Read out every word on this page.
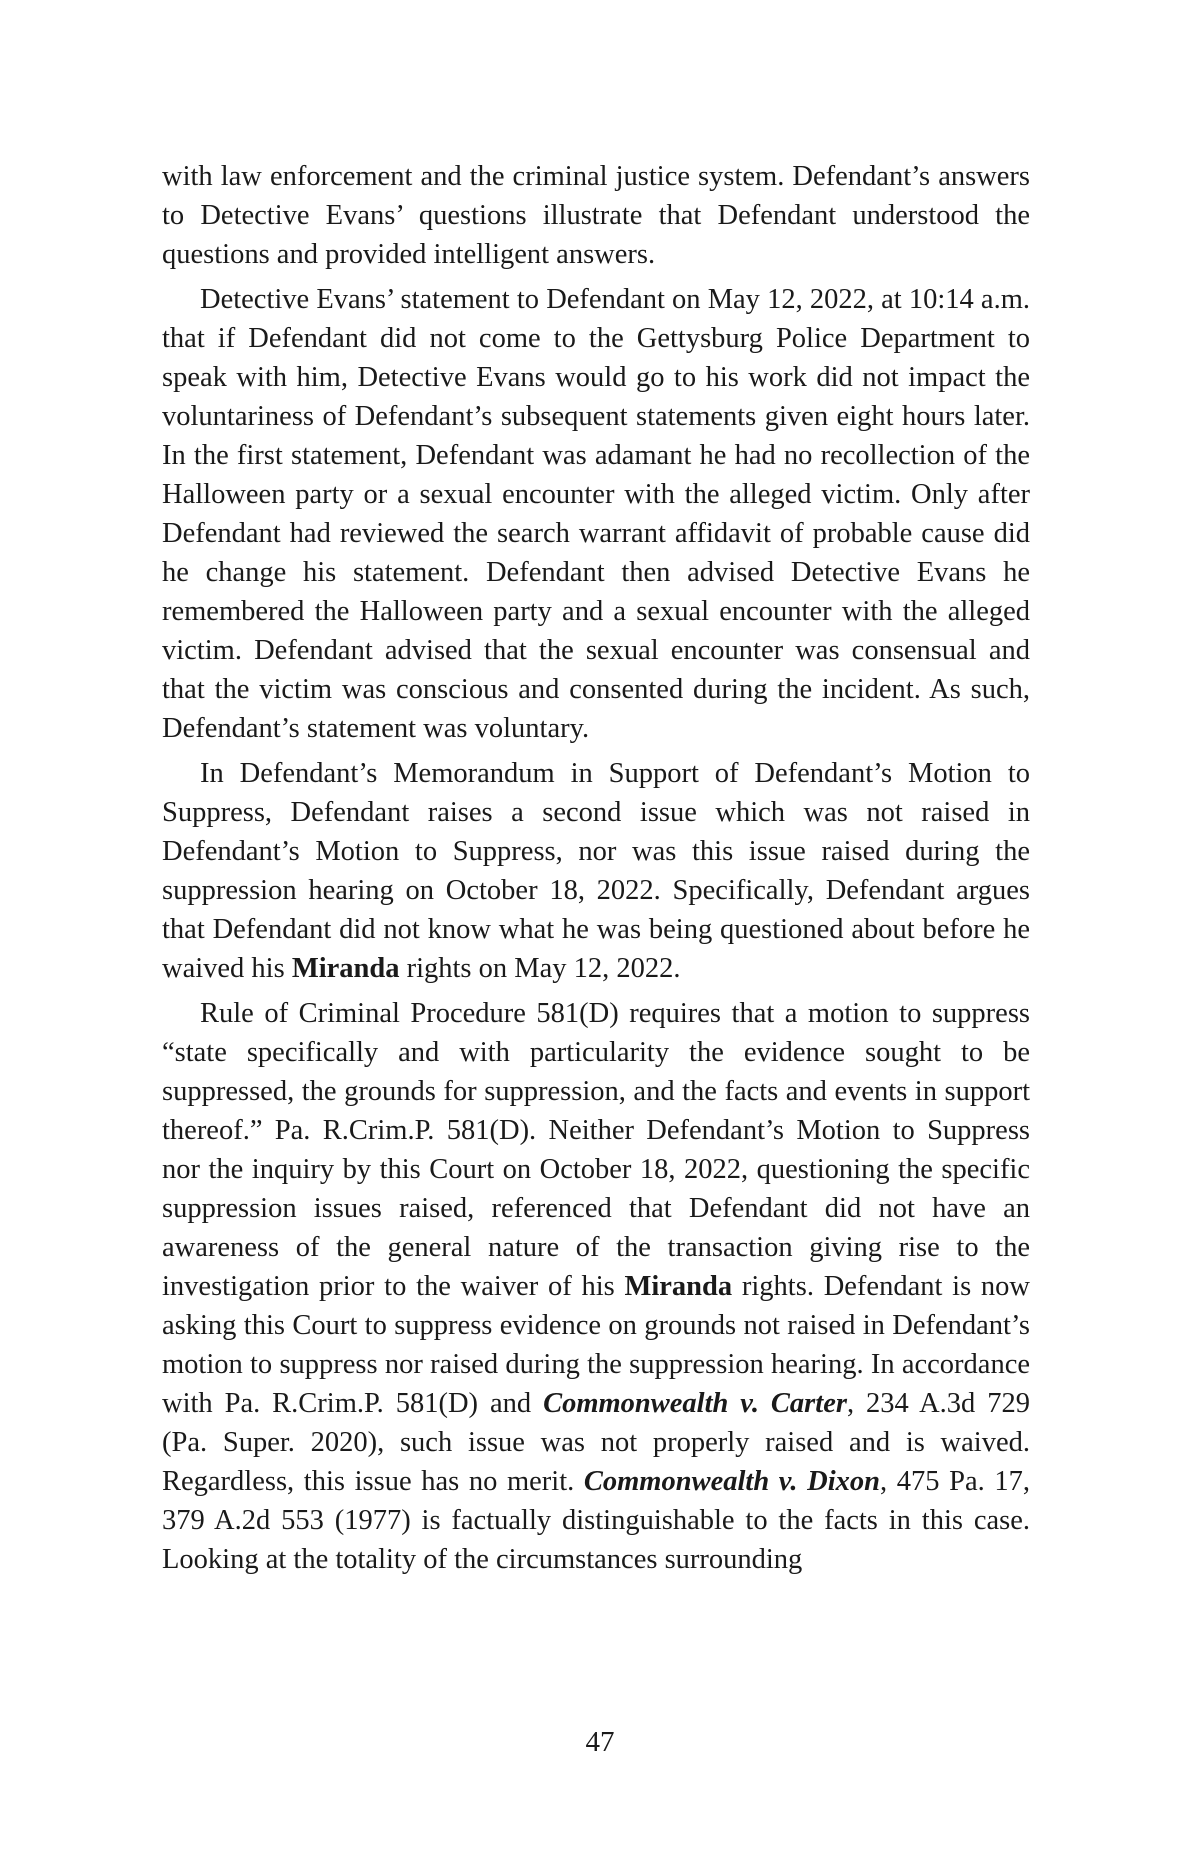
with law enforcement and the criminal justice system. Defendant’s answers to Detective Evans’ questions illustrate that Defendant understood the questions and provided intelligent answers.

Detective Evans’ statement to Defendant on May 12, 2022, at 10:14 a.m. that if Defendant did not come to the Gettysburg Police Department to speak with him, Detective Evans would go to his work did not impact the voluntariness of Defendant’s subsequent statements given eight hours later. In the first statement, Defendant was adamant he had no recollection of the Halloween party or a sexual encounter with the alleged victim. Only after Defendant had reviewed the search warrant affidavit of probable cause did he change his statement. Defendant then advised Detective Evans he remembered the Halloween party and a sexual encounter with the alleged victim. Defendant advised that the sexual encounter was consensual and that the victim was conscious and consented during the incident. As such, Defendant’s statement was voluntary.

In Defendant’s Memorandum in Support of Defendant’s Motion to Suppress, Defendant raises a second issue which was not raised in Defendant’s Motion to Suppress, nor was this issue raised during the suppression hearing on October 18, 2022. Specifically, Defendant argues that Defendant did not know what he was being questioned about before he waived his Miranda rights on May 12, 2022.

Rule of Criminal Procedure 581(D) requires that a motion to suppress “state specifically and with particularity the evidence sought to be suppressed, the grounds for suppression, and the facts and events in support thereof.” Pa. R.Crim.P. 581(D). Neither Defendant’s Motion to Suppress nor the inquiry by this Court on October 18, 2022, questioning the specific suppression issues raised, referenced that Defendant did not have an awareness of the general nature of the transaction giving rise to the investigation prior to the waiver of his Miranda rights. Defendant is now asking this Court to suppress evidence on grounds not raised in Defendant’s motion to suppress nor raised during the suppression hearing. In accordance with Pa. R.Crim.P. 581(D) and Commonwealth v. Carter, 234 A.3d 729 (Pa. Super. 2020), such issue was not properly raised and is waived. Regardless, this issue has no merit. Commonwealth v. Dixon, 475 Pa. 17, 379 A.2d 553 (1977) is factually distinguishable to the facts in this case. Looking at the totality of the circumstances surrounding

47
